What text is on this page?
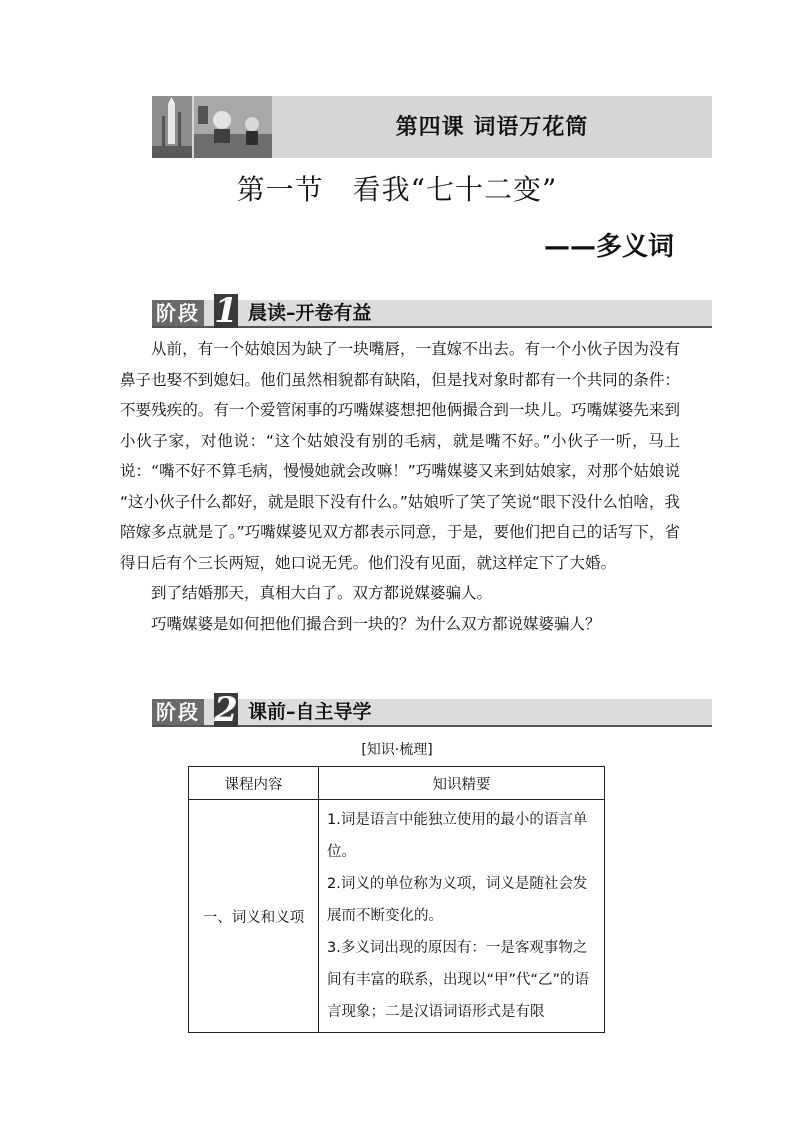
第四课 词语万花筒
第一节　看我“七十二变”
——多义词
阶段 1 晨读–开卷有益

从前，有一个姑娘因为缺了一块嘴唇，一直嫁不出去。有一个小伙子因为没有鼻子也娶不到媳妇。他们虽然相貌都有缺陷，但是找对象时都有一个共同的条件：不要残疾的。有一个爱管闲事的巧嘴媒婆想把他俩撮合到一块儿。巧嘴媒婆先来到小伙子家，对他说：“这个姑娘没有别的毛病，就是嘴不好。”小伙子一听，马上说：“嘴不好不算毛病，慢慢她就会改嘛！”巧嘴媒婆又来到姑娘家，对那个姑娘说 “这小伙子什么都好，就是眼下没有什么。”姑娘听了笑了笑说“眼下没什么怕啥，我陪嫁多点就是了。”巧嘴媒婆见双方都表示同意，于是，要他们把自己的话写下，省得日后有个三长两短，她口说无凭。他们没有见面，就这样定下了大婚。

到了结婚那天，真相大白了。双方都说媒婆骗人。

巧嘴媒婆是如何把他们撮合到一块的？为什么双方都说媒婆骗人？

阶段 2 课前–自主导学
[知识·梳理]
课程内容	知识精要
一、词义和义项	1.词是语言中能独立使用的最小的语言单位。

2.词义的单位称为义项，词义是随社会发展而不断变化的。

3.多义词出现的原因有：一是客观事物之间有丰富的联系，出现以“甲”代“乙”的语言现象；二是汉语词语形式是有限
